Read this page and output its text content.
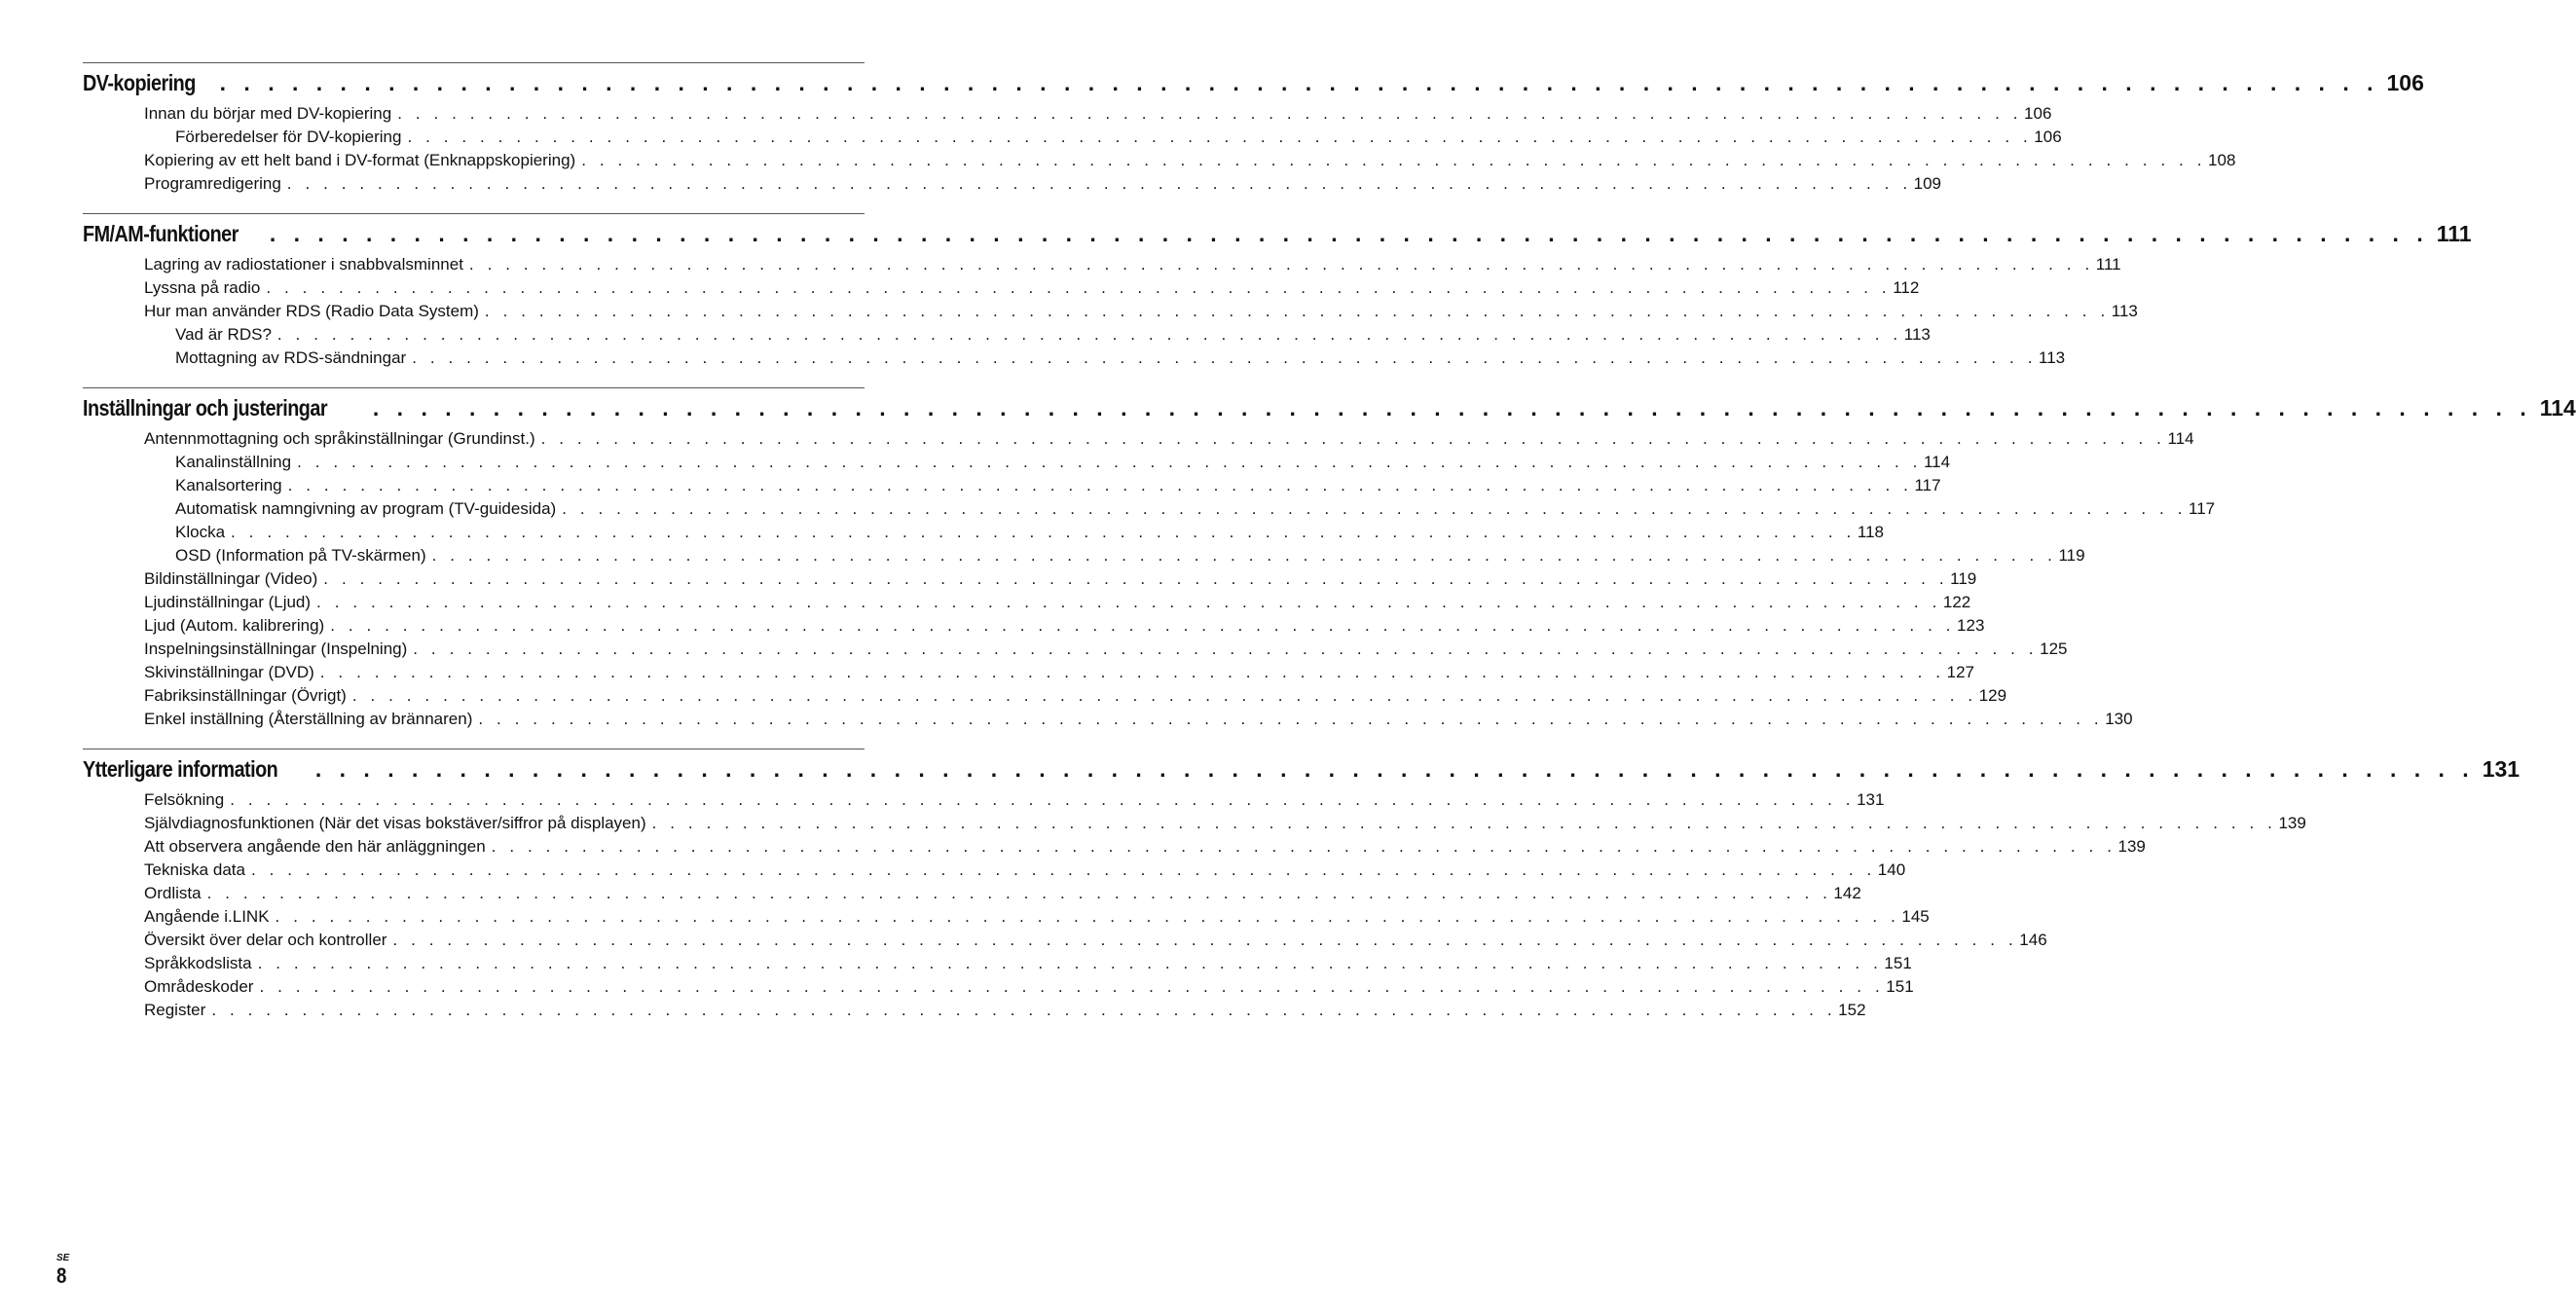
DV-kopiering . . . . . . . . . . . . . . . . . . . . . . . . . . . . . . . . . . . . . . . . . . . . . . . . . . . . . . . . . . . . . . . . . . . . . . . . . . . . . . . . . . . . . . . . . . 106
Innan du börjar med DV-kopiering . . . . . . . . . . . . . . . . . . . . . . . . . . . . . . . . . . . . . . . . . . . . . . . . . . . . . . . . . . . . . . . . . . . . . . . . . . . . . . . . . . . . . . . . . . 106
Förberedelser för DV-kopiering . . . . . . . . . . . . . . . . . . . . . . . . . . . . . . . . . . . . . . . . . . . . . . . . . . . . . . . . . . . . . . . . . . . . . . . . . . . . . . . . . . . . . . . . . . 106
Kopiering av ett helt band i DV-format (Enknappskopiering) . . . . . . . . . . . . . . . . . . . . . . . . . . . . . . . . . . . . . . . . . . . . . . . . . . . . . . . . . . . . . . . . . . . . . . . . . . . . . . . . . . . . . . . . . . 108
Programredigering . . . . . . . . . . . . . . . . . . . . . . . . . . . . . . . . . . . . . . . . . . . . . . . . . . . . . . . . . . . . . . . . . . . . . . . . . . . . . . . . . . . . . . . . . . 109
FM/AM-funktioner . . . . . . . . . . . . . . . . . . . . . . . . . . . . . . . . . . . . . . . . . . . . . . . . . . . . . . . . . . . . . . . . . . . . . . . . . . . . . . . . . . . . . . . . . . 111
Lagring av radiostationer i snabbvalsminnet . . . . . . . . . . . . . . . . . . . . . . . . . . . . . . . . . . . . . . . . . . . . . . . . . . . . . . . . . . . . . . . . . . . . . . . . . . . . . . . . . . . . . . . . . . 111
Lyssna på radio . . . . . . . . . . . . . . . . . . . . . . . . . . . . . . . . . . . . . . . . . . . . . . . . . . . . . . . . . . . . . . . . . . . . . . . . . . . . . . . . . . . . . . . . . . 112
Hur man använder RDS (Radio Data System) . . . . . . . . . . . . . . . . . . . . . . . . . . . . . . . . . . . . . . . . . . . . . . . . . . . . . . . . . . . . . . . . . . . . . . . . . . . . . . . . . . . . . . . . . . 113
Vad är RDS? . . . . . . . . . . . . . . . . . . . . . . . . . . . . . . . . . . . . . . . . . . . . . . . . . . . . . . . . . . . . . . . . . . . . . . . . . . . . . . . . . . . . . . . . . . 113
Mottagning av RDS-sändningar . . . . . . . . . . . . . . . . . . . . . . . . . . . . . . . . . . . . . . . . . . . . . . . . . . . . . . . . . . . . . . . . . . . . . . . . . . . . . . . . . . . . . . . . . . 113
Inställningar och justeringar . . . . . . . . . . . . . . . . . . . . . . . . . . . . . . . . . . . . . . . . . . . . . . . . . . . . . . . . . . . . . . . . . . . . . . . . . . . . . . . . . . . . . . . . . . 114
Antennmottagning och språkinställningar (Grundinst.) . . . . . . . . . . . . . . . . . . . . . . . . . . . . . . . . . . . . . . . . . . . . . . . . . . . . . . . . . . . . . . . . . . . . . . . . . . . . . . . . . . . . . . . . . . 114
Kanalinställning . . . . . . . . . . . . . . . . . . . . . . . . . . . . . . . . . . . . . . . . . . . . . . . . . . . . . . . . . . . . . . . . . . . . . . . . . . . . . . . . . . . . . . . . . . 114
Kanalsortering . . . . . . . . . . . . . . . . . . . . . . . . . . . . . . . . . . . . . . . . . . . . . . . . . . . . . . . . . . . . . . . . . . . . . . . . . . . . . . . . . . . . . . . . . . 117
Automatisk namngivning av program (TV-guidesida) . . . . . . . . . . . . . . . . . . . . . . . . . . . . . . . . . . . . . . . . . . . . . . . . . . . . . . . . . . . . . . . . . . . . . . . . . . . . . . . . . . . . . . . . . . 117
Klocka . . . . . . . . . . . . . . . . . . . . . . . . . . . . . . . . . . . . . . . . . . . . . . . . . . . . . . . . . . . . . . . . . . . . . . . . . . . . . . . . . . . . . . . . . . 118
OSD (Information på TV-skärmen) . . . . . . . . . . . . . . . . . . . . . . . . . . . . . . . . . . . . . . . . . . . . . . . . . . . . . . . . . . . . . . . . . . . . . . . . . . . . . . . . . . . . . . . . . . 119
Bildinställningar (Video) . . . . . . . . . . . . . . . . . . . . . . . . . . . . . . . . . . . . . . . . . . . . . . . . . . . . . . . . . . . . . . . . . . . . . . . . . . . . . . . . . . . . . . . . . . 119
Ljudinställningar (Ljud) . . . . . . . . . . . . . . . . . . . . . . . . . . . . . . . . . . . . . . . . . . . . . . . . . . . . . . . . . . . . . . . . . . . . . . . . . . . . . . . . . . . . . . . . . . 122
Ljud (Autom. kalibrering) . . . . . . . . . . . . . . . . . . . . . . . . . . . . . . . . . . . . . . . . . . . . . . . . . . . . . . . . . . . . . . . . . . . . . . . . . . . . . . . . . . . . . . . . . . 123
Inspelningsinställningar (Inspelning) . . . . . . . . . . . . . . . . . . . . . . . . . . . . . . . . . . . . . . . . . . . . . . . . . . . . . . . . . . . . . . . . . . . . . . . . . . . . . . . . . . . . . . . . . . 125
Skivinställningar (DVD) . . . . . . . . . . . . . . . . . . . . . . . . . . . . . . . . . . . . . . . . . . . . . . . . . . . . . . . . . . . . . . . . . . . . . . . . . . . . . . . . . . . . . . . . . . 127
Fabriksinställningar (Övrigt) . . . . . . . . . . . . . . . . . . . . . . . . . . . . . . . . . . . . . . . . . . . . . . . . . . . . . . . . . . . . . . . . . . . . . . . . . . . . . . . . . . . . . . . . . . 129
Enkel inställning (Återställning av brännaren) . . . . . . . . . . . . . . . . . . . . . . . . . . . . . . . . . . . . . . . . . . . . . . . . . . . . . . . . . . . . . . . . . . . . . . . . . . . . . . . . . . . . . . . . . . 130
Ytterligare information . . . . . . . . . . . . . . . . . . . . . . . . . . . . . . . . . . . . . . . . . . . . . . . . . . . . . . . . . . . . . . . . . . . . . . . . . . . . . . . . . . . . . . . . . . 131
Felsökning . . . . . . . . . . . . . . . . . . . . . . . . . . . . . . . . . . . . . . . . . . . . . . . . . . . . . . . . . . . . . . . . . . . . . . . . . . . . . . . . . . . . . . . . . . 131
Självdiagnosfunktionen (När det visas bokstäver/siffror på displayen) . . . . . . . . . . . . . . . . . . . . . . . . . . . . . . . . . . . . . . . . . . . . . . . . . . . . . . . . . . . . . . . . . . . . . . . . . . . . . . . . . . . . . . . . . . 139
Att observera angående den här anläggningen . . . . . . . . . . . . . . . . . . . . . . . . . . . . . . . . . . . . . . . . . . . . . . . . . . . . . . . . . . . . . . . . . . . . . . . . . . . . . . . . . . . . . . . . . . 139
Tekniska data . . . . . . . . . . . . . . . . . . . . . . . . . . . . . . . . . . . . . . . . . . . . . . . . . . . . . . . . . . . . . . . . . . . . . . . . . . . . . . . . . . . . . . . . . . 140
Ordlista . . . . . . . . . . . . . . . . . . . . . . . . . . . . . . . . . . . . . . . . . . . . . . . . . . . . . . . . . . . . . . . . . . . . . . . . . . . . . . . . . . . . . . . . . . 142
Angående i.LINK . . . . . . . . . . . . . . . . . . . . . . . . . . . . . . . . . . . . . . . . . . . . . . . . . . . . . . . . . . . . . . . . . . . . . . . . . . . . . . . . . . . . . . . . . . 145
Översikt över delar och kontroller . . . . . . . . . . . . . . . . . . . . . . . . . . . . . . . . . . . . . . . . . . . . . . . . . . . . . . . . . . . . . . . . . . . . . . . . . . . . . . . . . . . . . . . . . . 146
Språkkodslista . . . . . . . . . . . . . . . . . . . . . . . . . . . . . . . . . . . . . . . . . . . . . . . . . . . . . . . . . . . . . . . . . . . . . . . . . . . . . . . . . . . . . . . . . . 151
Områdeskoder . . . . . . . . . . . . . . . . . . . . . . . . . . . . . . . . . . . . . . . . . . . . . . . . . . . . . . . . . . . . . . . . . . . . . . . . . . . . . . . . . . . . . . . . . . 151
Register . . . . . . . . . . . . . . . . . . . . . . . . . . . . . . . . . . . . . . . . . . . . . . . . . . . . . . . . . . . . . . . . . . . . . . . . . . . . . . . . . . . . . . . . . . 152
SE
8
